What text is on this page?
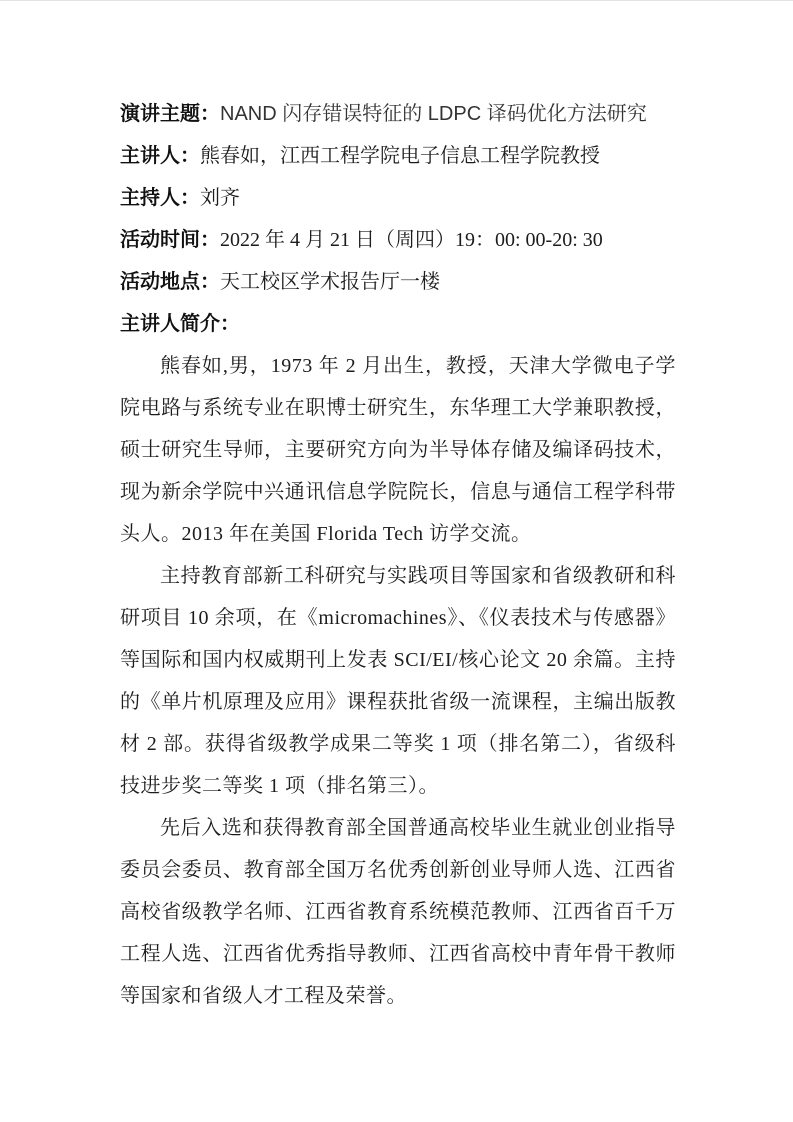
演讲主题：NAND 闪存错误特征的 LDPC 译码优化方法研究
主讲人：熊春如，江西工程学院电子信息工程学院教授
主持人：刘齐
活动时间：2022 年 4 月 21 日（周四）19：00: 00-20: 30
活动地点：天工校区学术报告厅一楼
主讲人简介：

熊春如,男，1973 年 2 月出生，教授，天津大学微电子学院电路与系统专业在职博士研究生，东华理工大学兼职教授，硕士研究生导师，主要研究方向为半导体存储及编译码技术，现为新余学院中兴通讯信息学院院长，信息与通信工程学科带头人。2013 年在美国 Florida Tech 访学交流。

主持教育部新工科研究与实践项目等国家和省级教研和科研项目 10 余项，在《micromachines》、《仪表技术与传感器》等国际和国内权威期刊上发表 SCI/EI/核心论文 20 余篇。主持的《单片机原理及应用》课程获批省级一流课程，主编出版教材 2 部。获得省级教学成果二等奖 1 项（排名第二），省级科技进步奖二等奖 1 项（排名第三）。

先后入选和获得教育部全国普通高校毕业生就业创业指导委员会委员、教育部全国万名优秀创新创业导师人选、江西省高校省级教学名师、江西省教育系统模范教师、江西省百千万工程人选、江西省优秀指导教师、江西省高校中青年骨干教师等国家和省级人才工程及荣誉。
